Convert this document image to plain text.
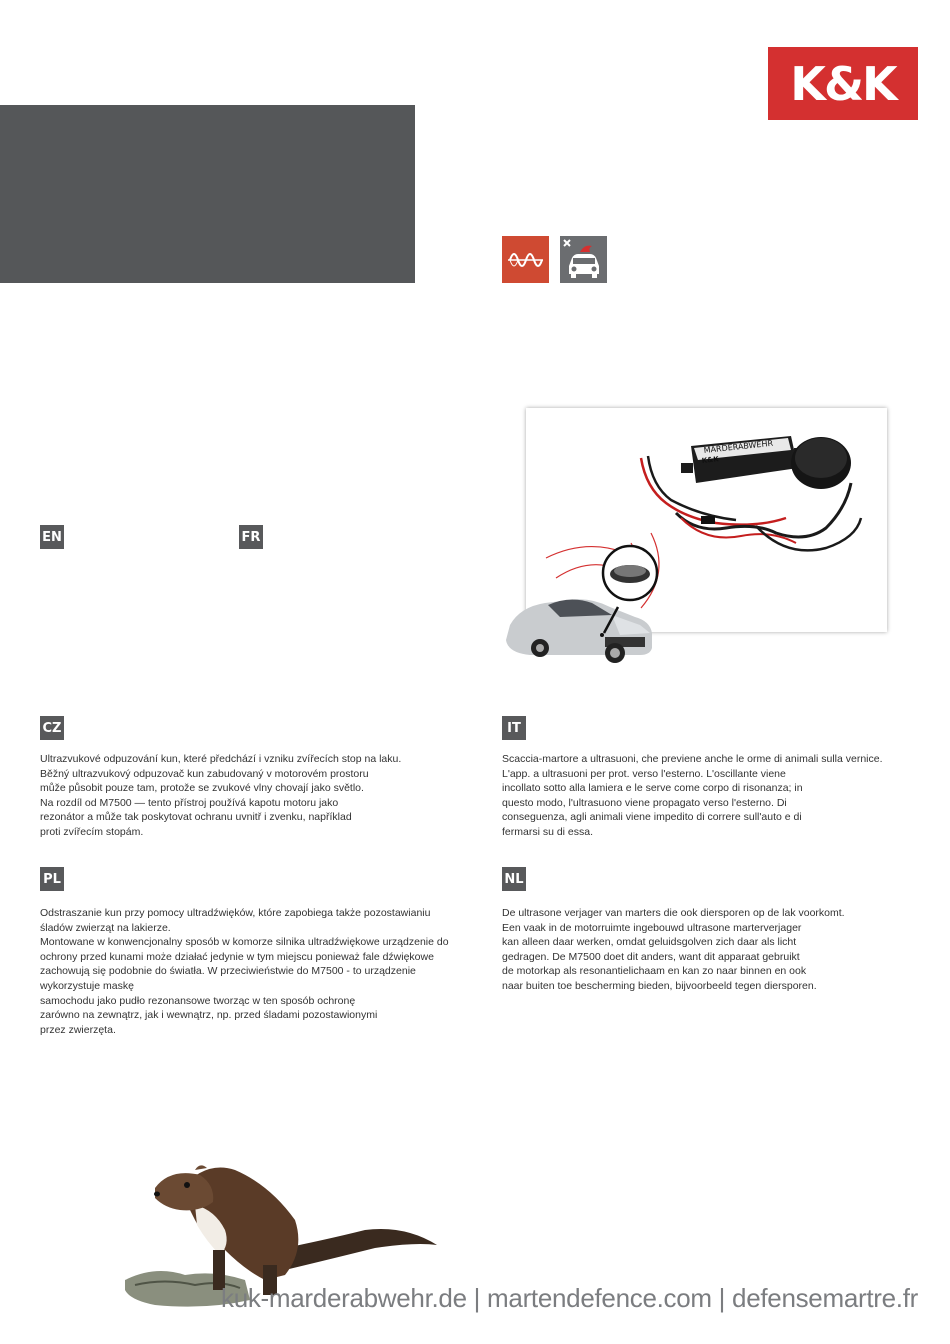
K&K
MARDERABWEHR
K&K
EN	FR
CZ	IT
PL	NL

Ultrazvukové odpuzování kun, které předchází i vzniku zvířecích stop na laku.

Běžný ultrazvukový odpuzovač kun zabudovaný v motorovém prostoru

může působit pouze tam, protože se zvukové vlny chovají jako světlo.

Na rozdíl od M7500 — tento přístroj používá kapotu motoru jako

rezonátor a může tak poskytovat ochranu uvnitř i zvenku, například

proti zvířecím stopám.

Scaccia-martore a ultrasuoni, che previene anche le orme di animali sulla vernice.

L'app. a ultrasuoni per prot. verso l'esterno. L'oscillante viene

incollato sotto alla lamiera e le serve come corpo di risonanza; in

questo modo, l'ultrasuono viene propagato verso l'esterno. Di

conseguenza, agli animali viene impedito di correre sull'auto e di

fermarsi su di essa.

Odstraszanie kun przy pomocy ultradźwięków, które zapobiega także pozostawianiu

śladów zwierząt na lakierze.

Montowane w konwencjonalny sposób w komorze silnika ultradźwiękowe urządzenie do

ochrony przed kunami może działać jedynie w tym miejscu ponieważ fale dźwiękowe

zachowują się podobnie do światła. W przeciwieństwie do M7500 - to urządzenie

wykorzystuje maskę

samochodu jako pudło rezonansowe tworząc w ten sposób ochronę

zarówno na zewnątrz, jak i wewnątrz, np. przed śladami pozostawionymi

przez zwierzęta.

De ultrasone verjager van marters die ook diersporen op de lak voorkomt.

Een vaak in de motorruimte ingebouwd ultrasone marterverjager

kan alleen daar werken, omdat geluidsgolven zich daar als licht

gedragen. De M7500 doet dit anders, want dit apparaat gebruikt

de motorkap als resonantielichaam en kan zo naar binnen en ook

naar buiten toe bescherming bieden, bijvoorbeeld tegen diersporen.

kuk-marderabwehr.de | martendefence.com | defensemartre.fr
